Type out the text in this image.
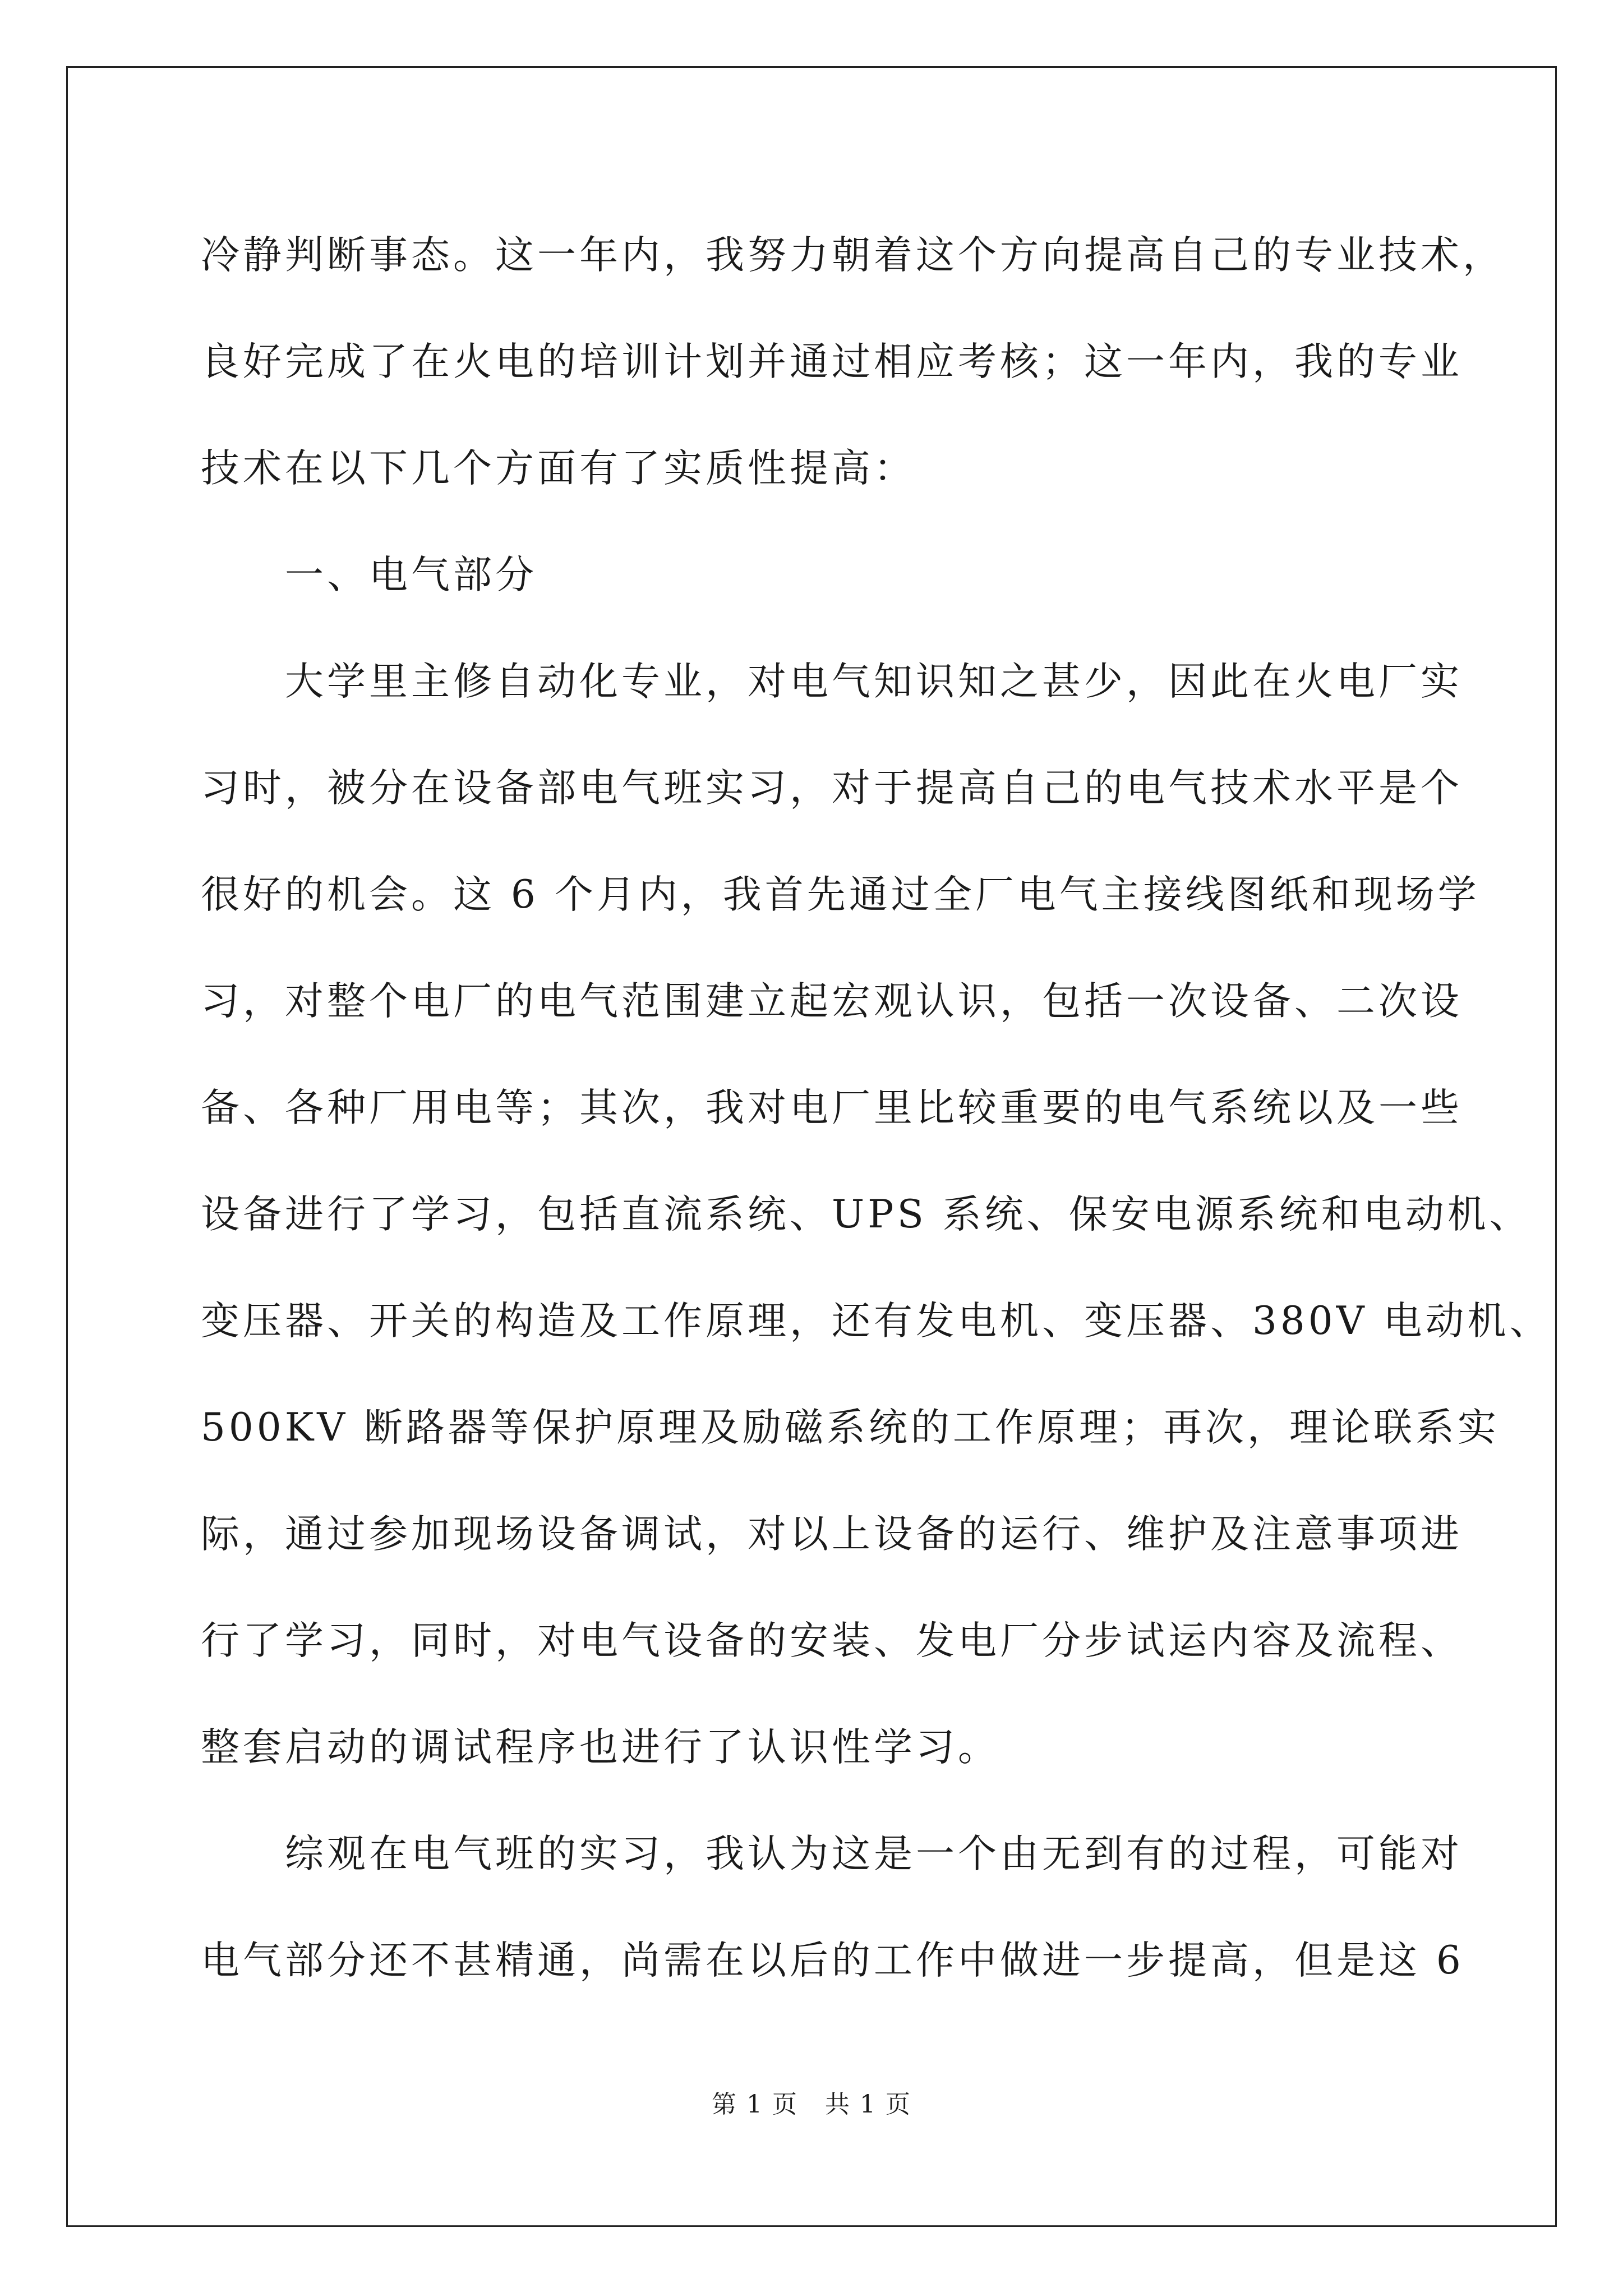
冷静判断事态。这一年内，我努力朝着这个方向提高自己的专业技术，
良好完成了在火电的培训计划并通过相应考核；这一年内，我的专业
技术在以下几个方面有了实质性提高：
　　一、电气部分
　　大学里主修自动化专业，对电气知识知之甚少，因此在火电厂实
习时，被分在设备部电气班实习，对于提高自己的电气技术水平是个
很好的机会。这 6 个月内，我首先通过全厂电气主接线图纸和现场学
习，对整个电厂的电气范围建立起宏观认识，包括一次设备、二次设
备、各种厂用电等；其次，我对电厂里比较重要的电气系统以及一些
设备进行了学习，包括直流系统、UPS 系统、保安电源系统和电动机、
变压器、开关的构造及工作原理，还有发电机、变压器、380V 电动机、
500KV 断路器等保护原理及励磁系统的工作原理；再次，理论联系实
际，通过参加现场设备调试，对以上设备的运行、维护及注意事项进
行了学习，同时，对电气设备的安装、发电厂分步试运内容及流程、
整套启动的调试程序也进行了认识性学习。
　　综观在电气班的实习，我认为这是一个由无到有的过程，可能对
电气部分还不甚精通，尚需在以后的工作中做进一步提高，但是这 6
第 1 页   共 1 页
